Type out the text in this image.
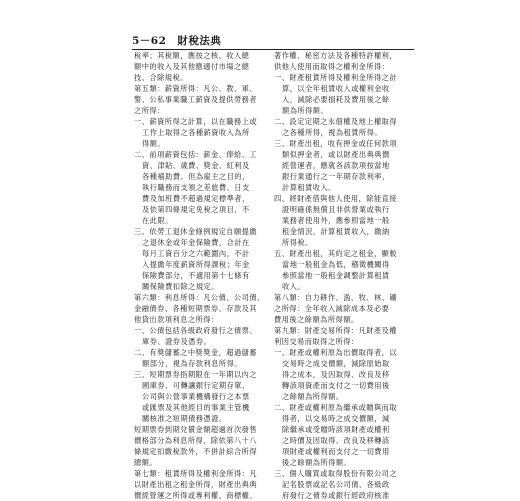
5－62　財稅法典

稅率；其稅額，應按之核、收入總

額中的收入及其他應適付市場之總

技、合除規稅。

第五類：薪資所得：凡公、教、軍、

警、公私事業職工薪資及提供勞務者

之所得：

一、薪資所得之計算，以在職務上或

工作上取得之各種薪資收入為所

得額。

二、前項薪資包括：薪金、俸給、工

資、津貼、歲費、獎金、紅利及

各種補助費。但為雇主之目的，

執行職務而支領之差旅費、日支

費及加班費不超過規定標準者，

及依第四條規定免稅之項目，不

在此限。

三、依勞工退休金條例規定自願提繳

之退休金或年金保險費，合計在

每月工資百分之六範圍內，不計

入提繳年度薪資所得課稅；年金

保險費部分，不適用第十七條有

關保險費扣除之規定。

第六類：利息所得：凡公債、公司債、

金融債券、各種短期票券、存款及其

他貸出款項利息之所得：

一、公債包括各級政府發行之債票、

庫券、證券及憑券。

二、有獎儲蓄之中獎獎金，超過儲蓄

額部分，視為存款利息所得。

三、短期票券指期限在一年期以內之

國庫券、可轉讓銀行定期存單、

公司與公營事業機構發行之本票

或匯票及其他經目的事業主管機

關核准之短期債務憑證。

短期票券到期兌償金額超過首次發售

價格部分為利息所得，除依第八十八

條規定扣繳稅款外，不併計綜合所得

總額。

第七類：租賃所得及權利金所得：凡

以財產出租之租金所得，財產出典典

價經營運之所得或專利權、商標權、

著作權、秘密方法及各種特許權利，

供他人使用而取得之權利金所得：

一、財產租賃所得及權利金所得之計

算，以全年租賃收入或權利金收

入，減除必要損耗及費用後之餘

額為所得額。

二、設定定期之永佃權及地上權取得

之各種所得，視為租賃所得。

三、財產出租，收有押金或任何款項

類似押金者，或以財產出典典價

經營運者，應就各該款項按當地

銀行業通行之一年期存款利率，

計算租賃收入。

四、將財產借與他人使用，除能直接

證明確係無償且非供營業或執行

業務者使用外，應參照當地一般

租金情況，計算租賃收入，繳納

所得稅。

五、財產出租，其約定之租金，顯較

當地一般租金為低，稽徵機關得

參照當地一般租金調整計算租賃

收入。

第八類：自力耕作、漁、牧、林、礦

之所得：全年收入減除成本及必要

費用後之餘額為所得額。

第九類：財產交易所得：凡財產及權

利因交易而取得之所得：

一、財產或權利原為出價取得者，以

交易時之成交價額，減除原始取

得之成本，及因取得、改良及移

轉該項資產而支付之一切費用後

之餘額為所得額。

二、財產或權利原為繼承或贈與而取

得者，以交易時之成交價額，減

除繼承或受贈時該項財產或權利

之時價及因取得、改良及移轉該

項財產或權利而支付之一切費用

後之餘額為所得額。

三、個人購買或取得股份有限公司之

記名股票或記名公司債、各級政

府發行之債券或銀行經政府核准
